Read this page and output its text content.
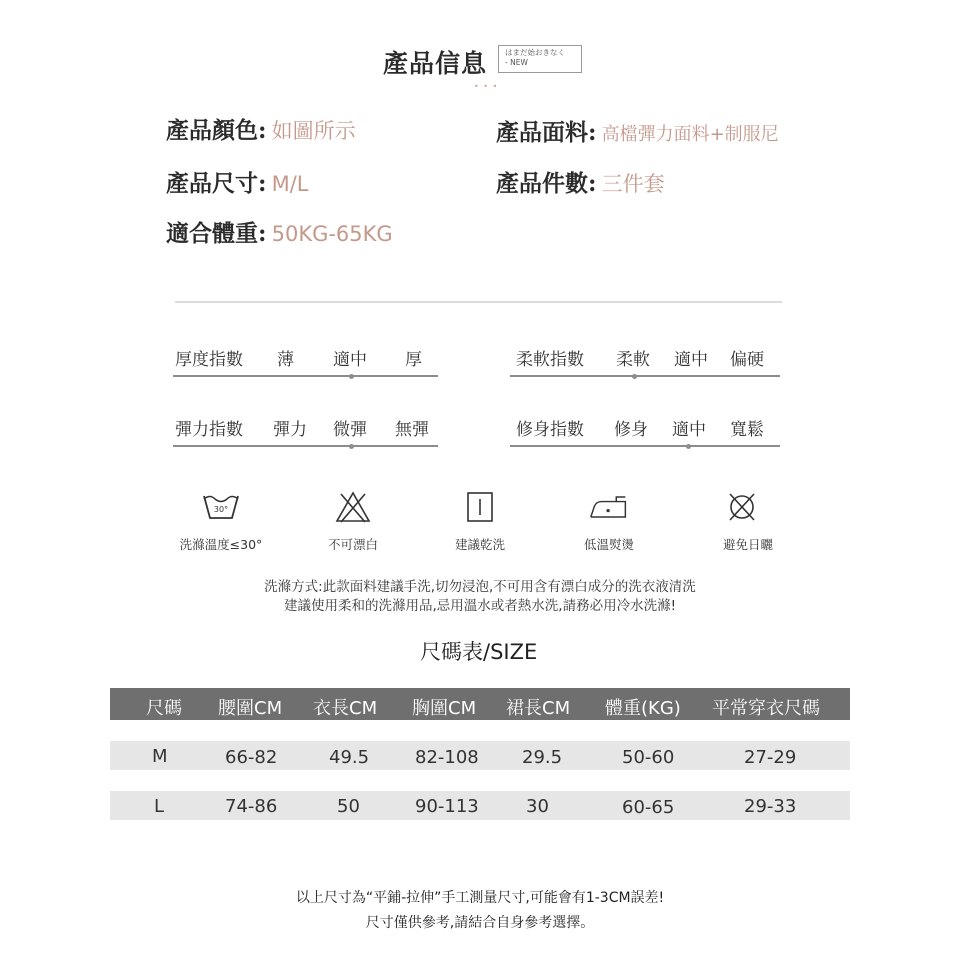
產品信息 はまだ始おきなく
- NEW
• • •
產品顏色: 如圖所示	產品面料: 高檔彈力面料+制服尼
產品尺寸: M/L	產品件數: 三件套
適合體重: 50KG-65KG
厚度指數 薄 適中 厚	柔軟指數 柔軟 適中 偏硬
彈力指數 彈力 微彈 無彈	修身指數 修身 適中 寬鬆
30°
洗滌溫度≤30°	不可漂白	建議乾洗	低溫熨燙	避免日曬
洗滌方式:此款面料建議手洗,切勿浸泡,不可用含有漂白成分的洗衣液清洗
建議使用柔和的洗滌用品,忌用溫水或者熱水洗,請務必用冷水洗滌!
尺碼表/SIZE
尺碼 腰圍CM 衣長CM 胸圍CM 裙長CM 體重(KG) 平常穿衣尺碼
M	66-82	49.5	82-108 29.5	50-60	27-29
L	74-86	50	90-113	30	60-65	29-33
以上尺寸為“平鋪-拉伸”手工測量尺寸,可能會有1-3CM誤差!
尺寸僅供參考,請結合自身參考選擇。
